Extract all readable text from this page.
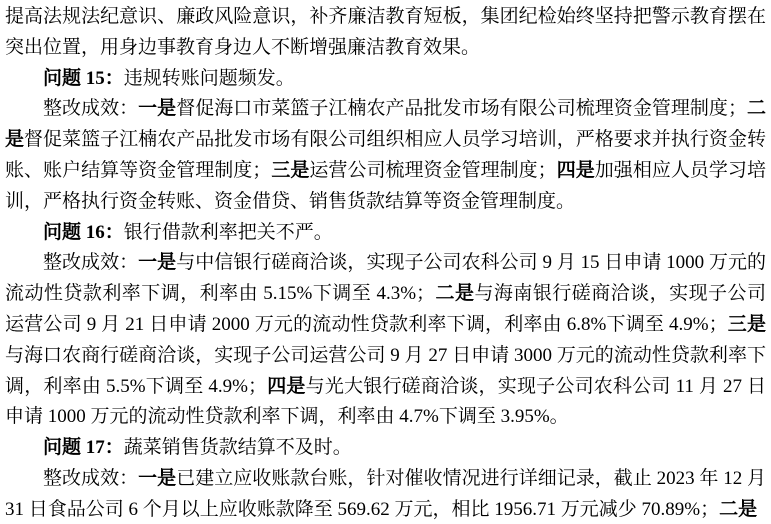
提高法规法纪意识、廉政风险意识，补齐廉洁教育短板，集团纪检始终坚持把警示教育摆在突出位置，用身边事教育身边人不断增强廉洁教育效果。

问题 15：违规转账问题频发。

整改成效：一是督促海口市菜篮子江楠农产品批发市场有限公司梳理资金管理制度；二是督促菜篮子江楠农产品批发市场有限公司组织相应人员学习培训，严格要求并执行资金转账、账户结算等资金管理制度；三是运营公司梳理资金管理制度；四是加强相应人员学习培训，严格执行资金转账、资金借贷、销售货款结算等资金管理制度。

问题 16：银行借款利率把关不严。

整改成效：一是与中信银行磋商洽谈，实现子公司农科公司 9 月 15 日申请 1000 万元的流动性贷款利率下调，利率由 5.15%下调至 4.3%；二是与海南银行磋商洽谈，实现子公司运营公司 9 月 21 日申请 2000 万元的流动性贷款利率下调，利率由 6.8%下调至 4.9%；三是与海口农商行磋商洽谈，实现子公司运营公司 9 月 27 日申请 3000 万元的流动性贷款利率下调，利率由 5.5%下调至 4.9%；四是与光大银行磋商洽谈，实现子公司农科公司 11 月 27 日申请 1000 万元的流动性贷款利率下调，利率由 4.7%下调至 3.95%。

问题 17：蔬菜销售货款结算不及时。

整改成效：一是已建立应收账款台账，针对催收情况进行详细记录，截止 2023 年 12 月 31 日食品公司 6 个月以上应收账款降至 569.62 万元，相比 1956.71 万元减少 70.89%；二是
